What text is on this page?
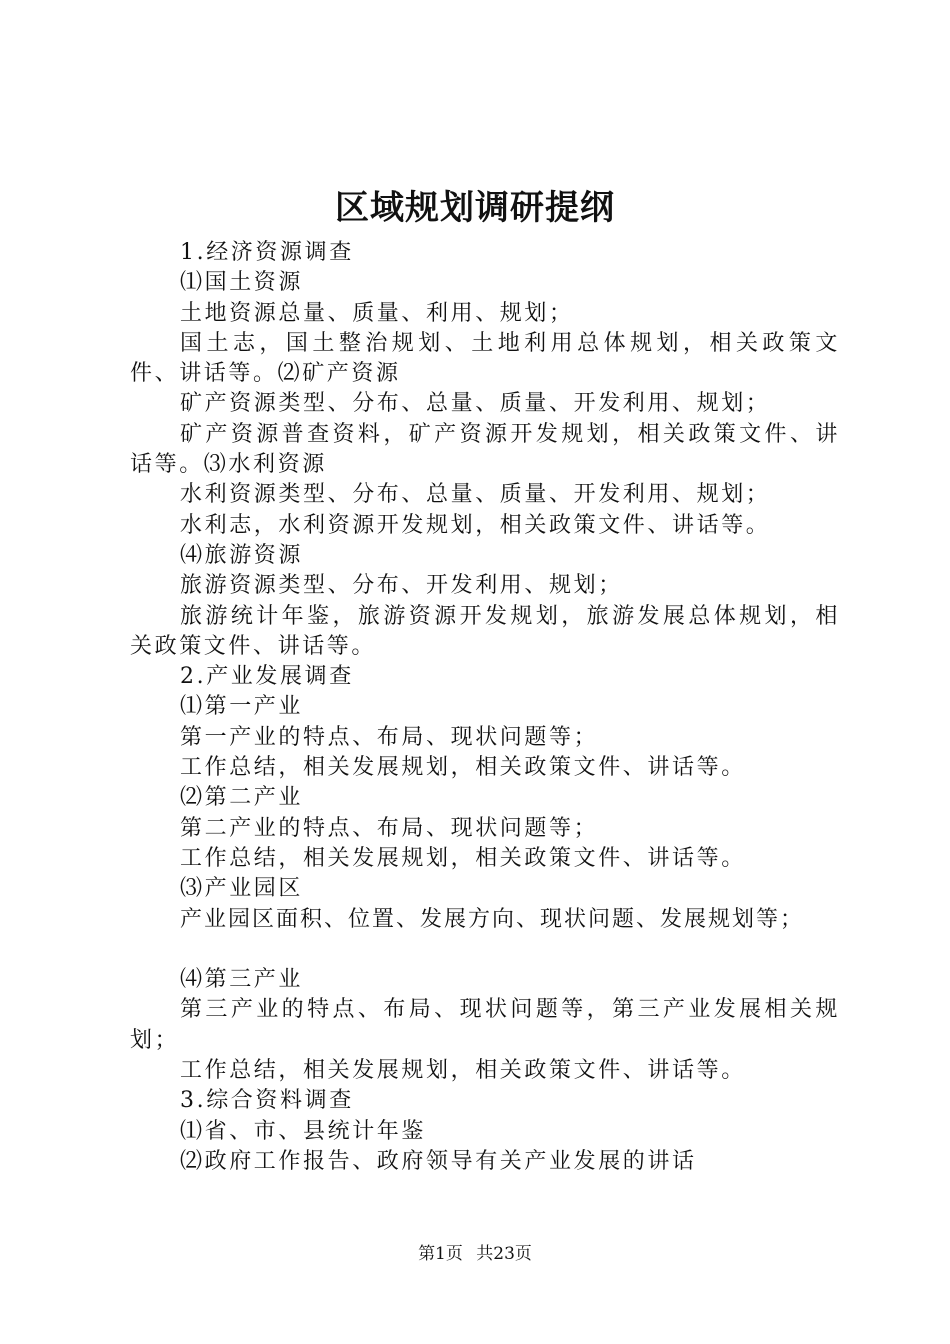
区域规划调研提纲

1.经济资源调查

⑴国土资源

土地资源总量、质量、利用、规划；

国土志，国土整治规划、土地利用总体规划，相关政策文件、讲话等。⑵矿产资源

矿产资源类型、分布、总量、质量、开发利用、规划；

矿产资源普查资料，矿产资源开发规划，相关政策文件、讲话等。⑶水利资源

水利资源类型、分布、总量、质量、开发利用、规划；

水利志，水利资源开发规划，相关政策文件、讲话等。

⑷旅游资源

旅游资源类型、分布、开发利用、规划；

旅游统计年鉴，旅游资源开发规划，旅游发展总体规划，相关政策文件、讲话等。

2.产业发展调查

⑴第一产业

第一产业的特点、布局、现状问题等；

工作总结，相关发展规划，相关政策文件、讲话等。

⑵第二产业

第二产业的特点、布局、现状问题等；

工作总结，相关发展规划，相关政策文件、讲话等。

⑶产业园区

产业园区面积、位置、发展方向、现状问题、发展规划等；

⑷第三产业

第三产业的特点、布局、现状问题等，第三产业发展相关规划；

工作总结，相关发展规划，相关政策文件、讲话等。

3.综合资料调查

⑴省、市、县统计年鉴

⑵政府工作报告、政府领导有关产业发展的讲话

第1页 共23页
